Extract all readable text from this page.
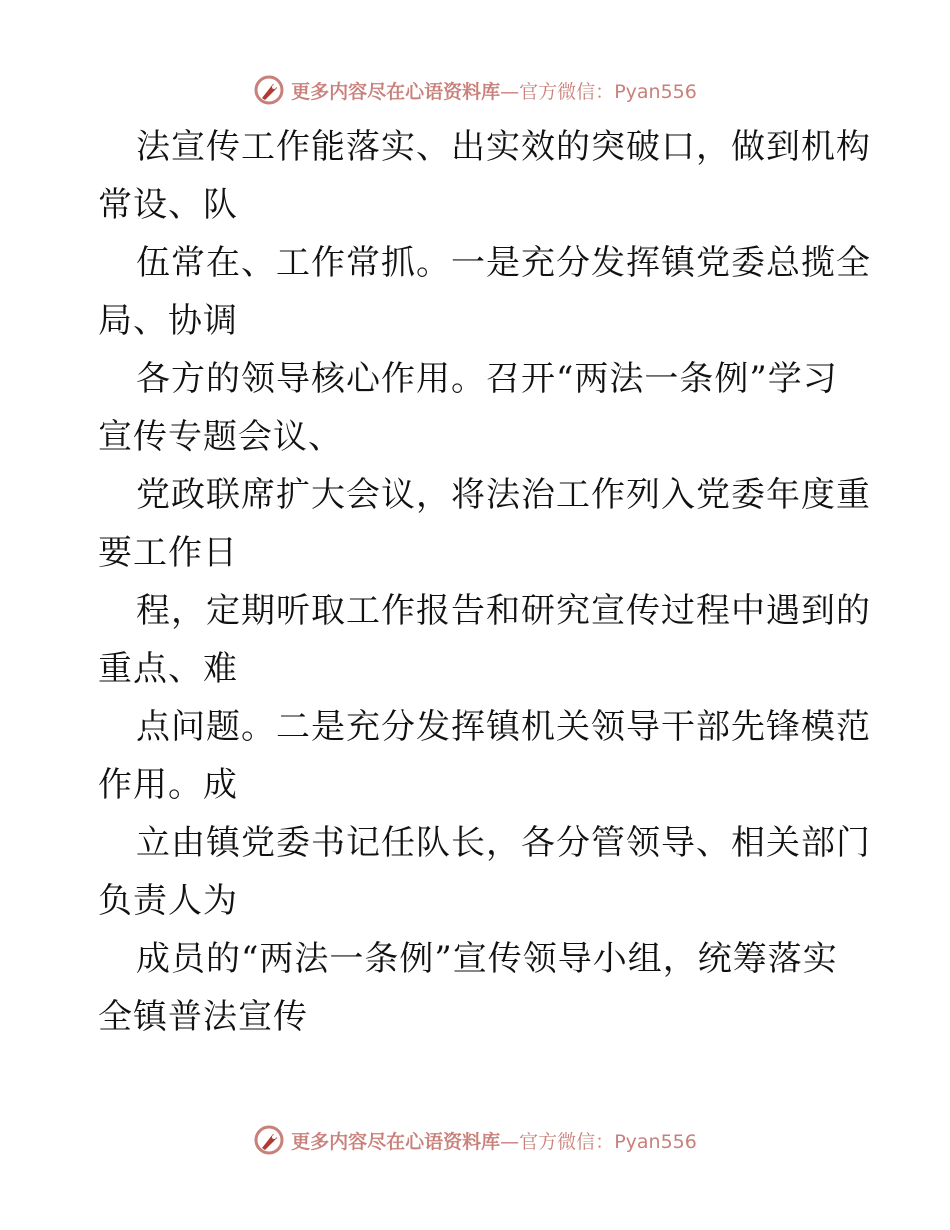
更多内容尽在心语资料库—官方微信：Pyan556

法宣传工作能落实、出实效的突破口，做到机构
常设、队

伍常在、工作常抓。一是充分发挥镇党委总揽全
局、协调

各方的领导核心作用。召开“两法一条例”学习
宣传专题会议、

党政联席扩大会议，将法治工作列入党委年度重
要工作日

程，定期听取工作报告和研究宣传过程中遇到的
重点、难

点问题。二是充分发挥镇机关领导干部先锋模范
作用。成

立由镇党委书记任队长，各分管领导、相关部门
负责人为

成员的“两法一条例”宣传领导小组，统筹落实
全镇普法宣传

更多内容尽在心语资料库—官方微信：Pyan556
